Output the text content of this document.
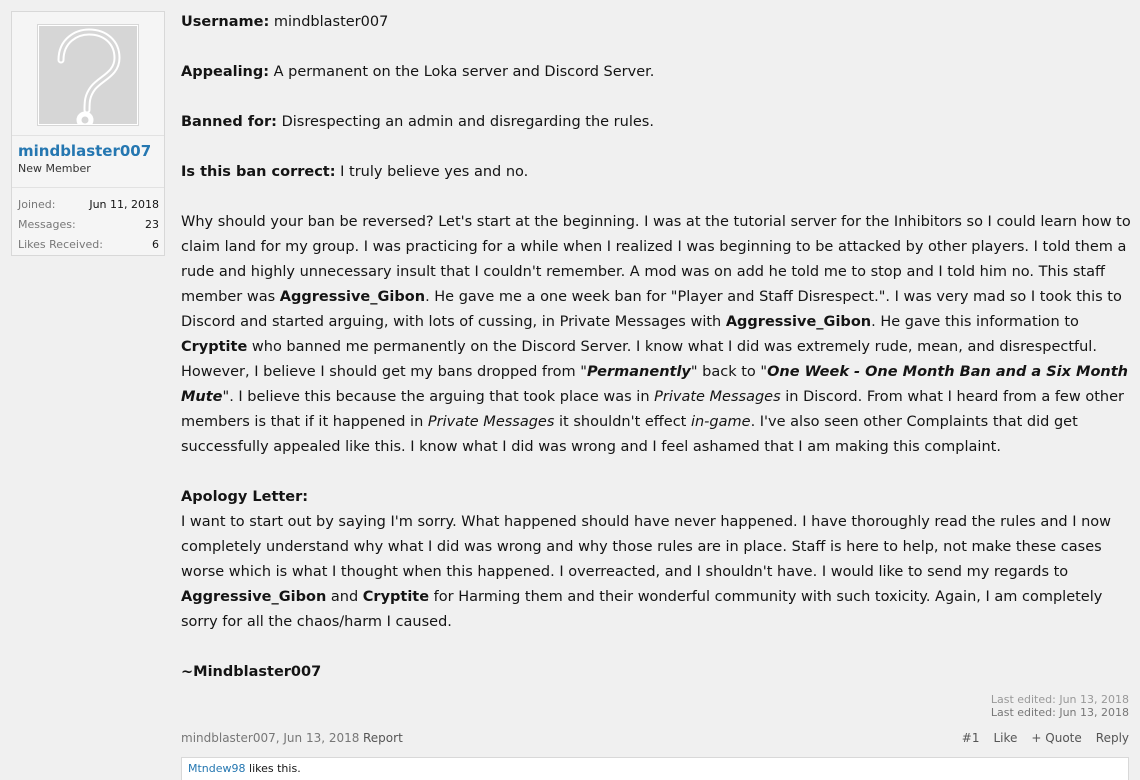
mindblaster007
New Member
Joined:	Jun 11, 2018
Messages:	23
Likes Received:	6

Username: mindblaster007

Appealing: A permanent on the Loka server and Discord Server.

Banned for: Disrespecting an admin and disregarding the rules.

Is this ban correct: I truly believe yes and no.

Why should your ban be reversed? Let's start at the beginning. I was at the tutorial server for the Inhibitors so I could learn how to claim land for my group. I was practicing for a while when I realized I was beginning to be attacked by other players. I told them a rude and highly unnecessary insult that I couldn't remember. A mod was on add he told me to stop and I told him no. This staff member was Aggressive_Gibon. He gave me a one week ban for "Player and Staff Disrespect.". I was very mad so I took this to Discord and started arguing, with lots of cussing, in Private Messages with Aggressive_Gibon. He gave this information to Cryptite who banned me permanently on the Discord Server. I know what I did was extremely rude, mean, and disrespectful. However, I believe I should get my bans dropped from "Permanently" back to "One Week - One Month Ban and a Six Month Mute". I believe this because the arguing that took place was in Private Messages in Discord. From what I heard from a few other members is that if it happened in Private Messages it shouldn't effect in-game. I've also seen other Complaints that did get successfully appealed like this. I know what I did was wrong and I feel ashamed that I am making this complaint.

Apology Letter:

I want to start out by saying I'm sorry. What happened should have never happened. I have thoroughly read the rules and I now completely understand why what I did was wrong and why those rules are in place. Staff is here to help, not make these cases worse which is what I thought when this happened. I overreacted, and I shouldn't have. I would like to send my regards to Aggressive_Gibon and Cryptite for Harming them and their wonderful community with such toxicity. Again, I am completely sorry for all the chaos/harm I caused.

~Mindblaster007

Last edited: Jun 13, 2018
Last edited: Jun 13, 2018
mindblaster007, Jun 13, 2018 Report	#1 Like + Quote Reply
Mtndew98 likes this.
